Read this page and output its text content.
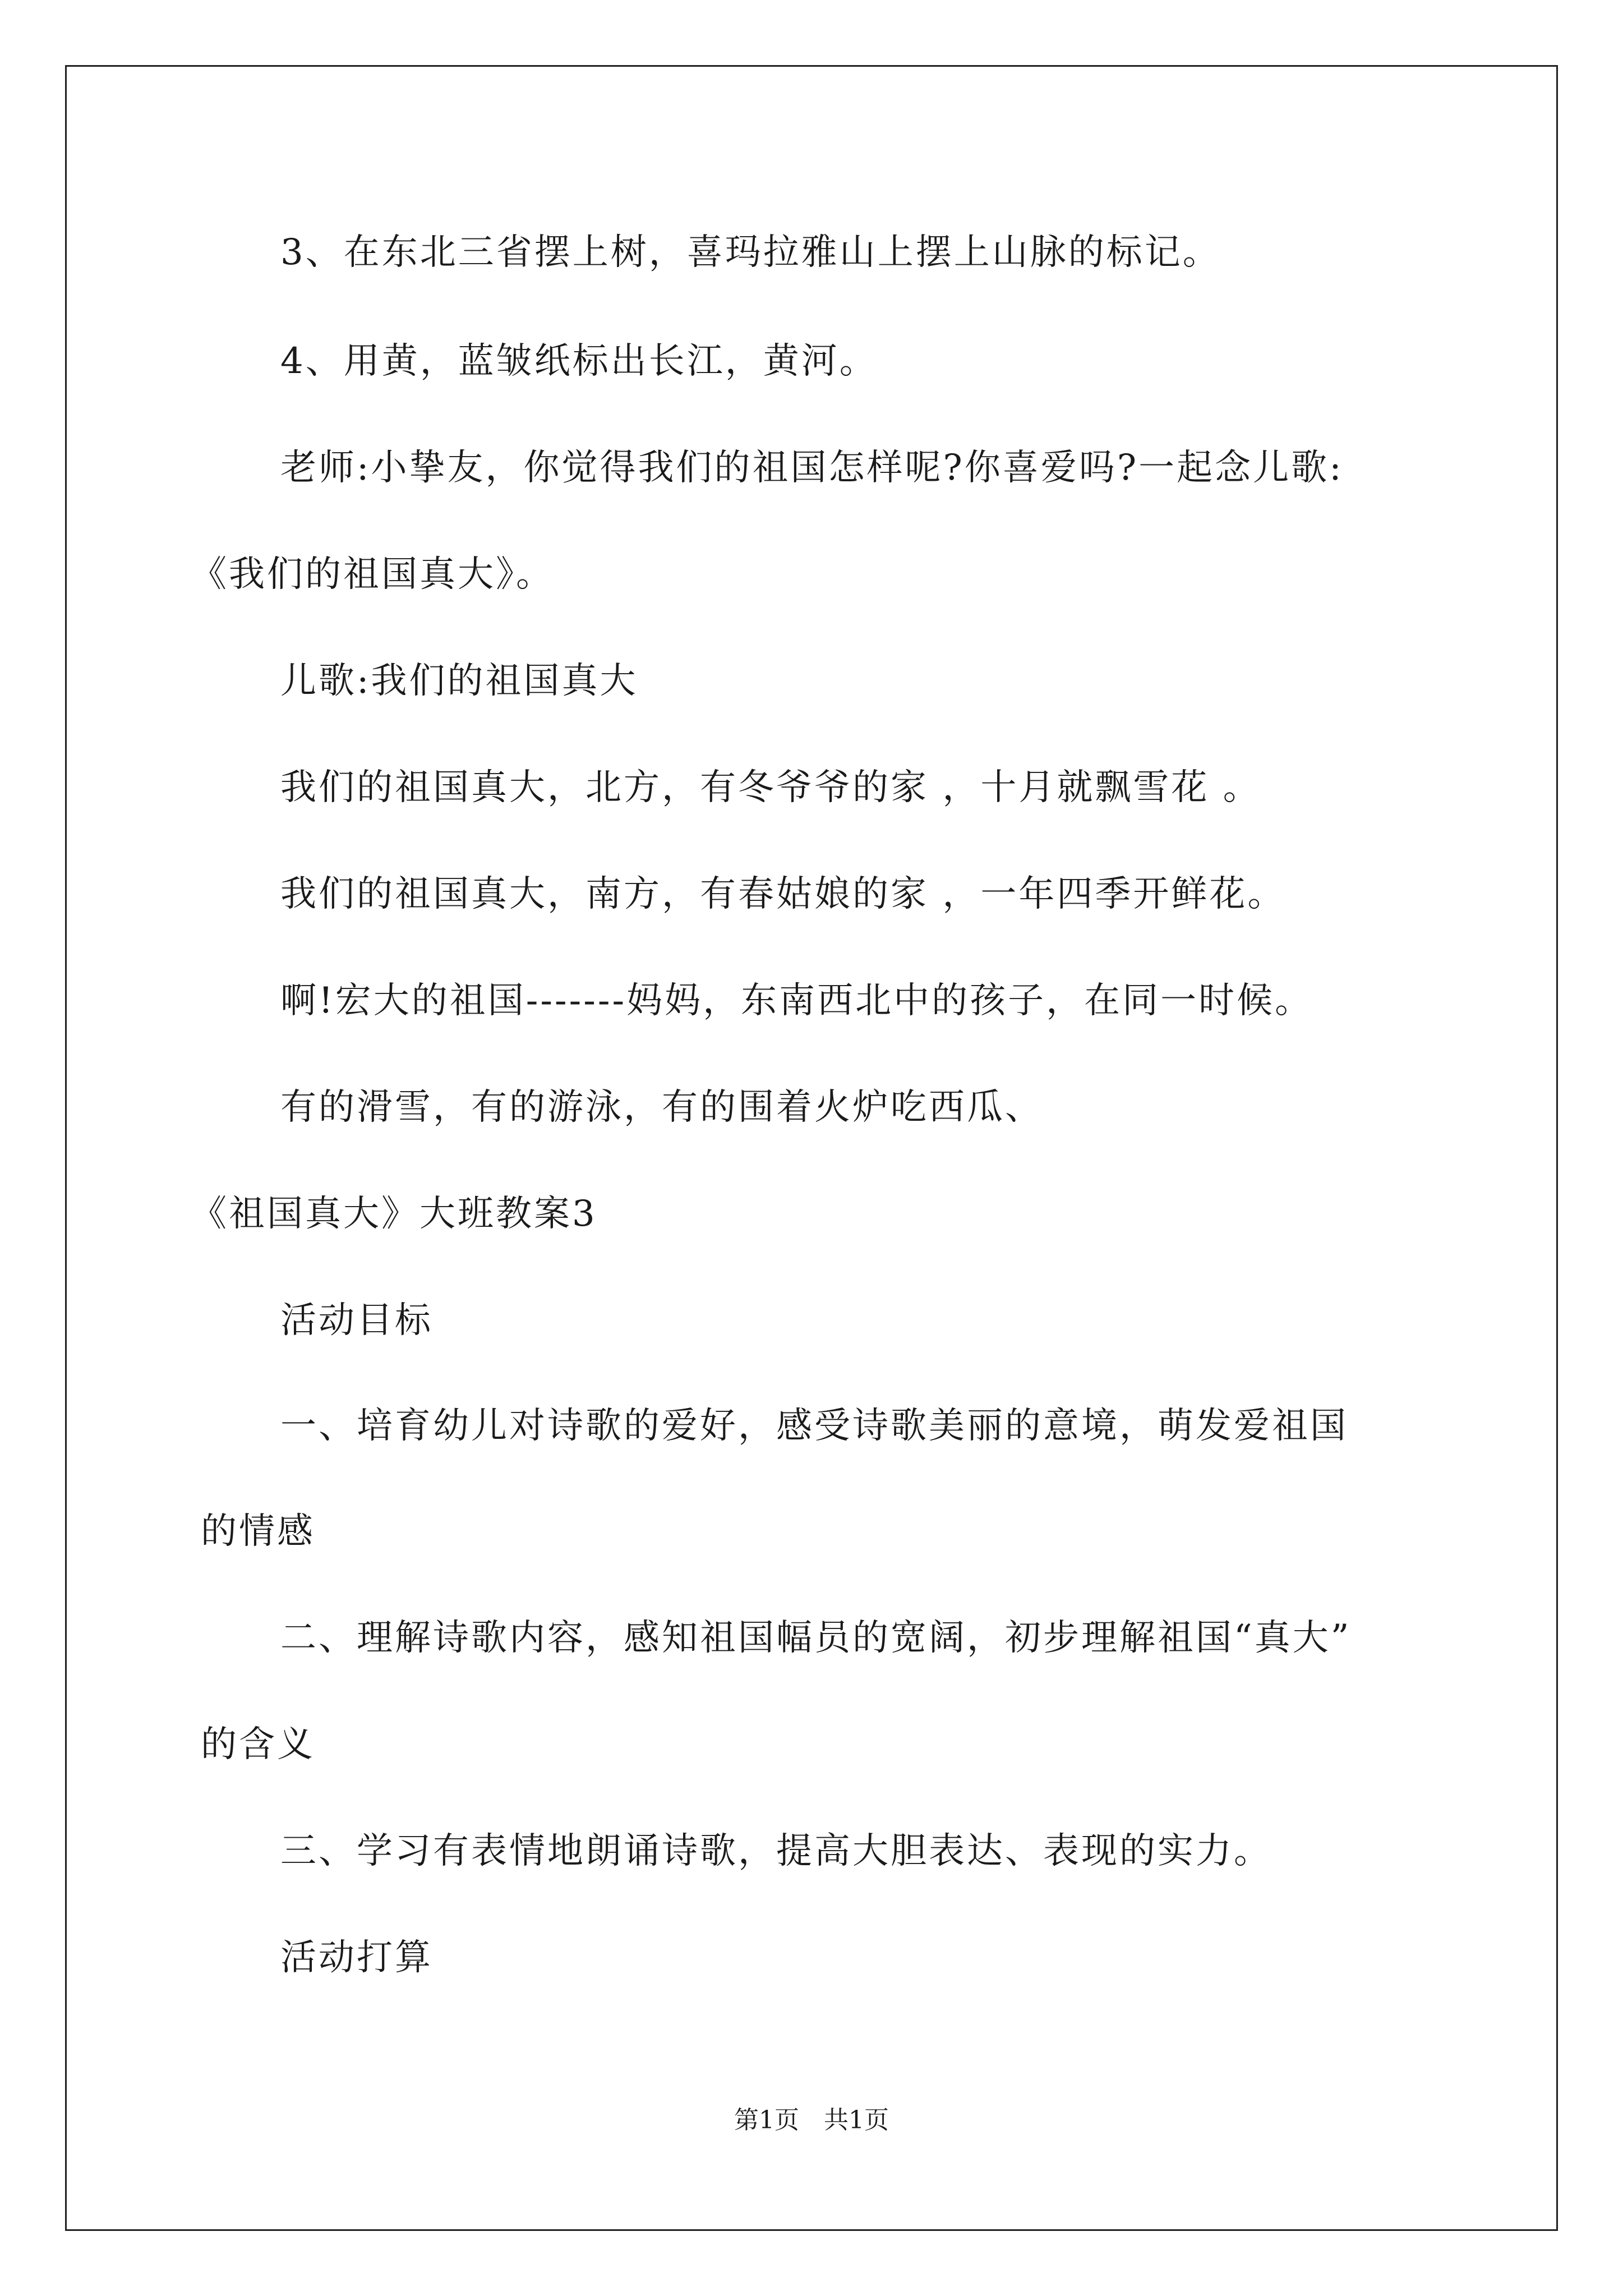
3、在东北三省摆上树，喜玛拉雅山上摆上山脉的标记。
4、用黄，蓝皱纸标出长江，黄河。
老师:小挚友，你觉得我们的祖国怎样呢?你喜爱吗?一起念儿歌:
《我们的祖国真大》。
儿歌:我们的祖国真大
我们的祖国真大，北方，有冬爷爷的家 ，十月就飘雪花 。
我们的祖国真大，南方，有春姑娘的家 ，一年四季开鲜花。
啊!宏大的祖国-------妈妈，东南西北中的孩子，在同一时候。
有的滑雪，有的游泳，有的围着火炉吃西瓜、
《祖国真大》大班教案3
活动目标
一、培育幼儿对诗歌的爱好，感受诗歌美丽的意境，萌发爱祖国
的情感
二、理解诗歌内容，感知祖国幅员的宽阔，初步理解祖国“真大”
的含义
三、学习有表情地朗诵诗歌，提高大胆表达、表现的实力。
活动打算
第1页 共1页
